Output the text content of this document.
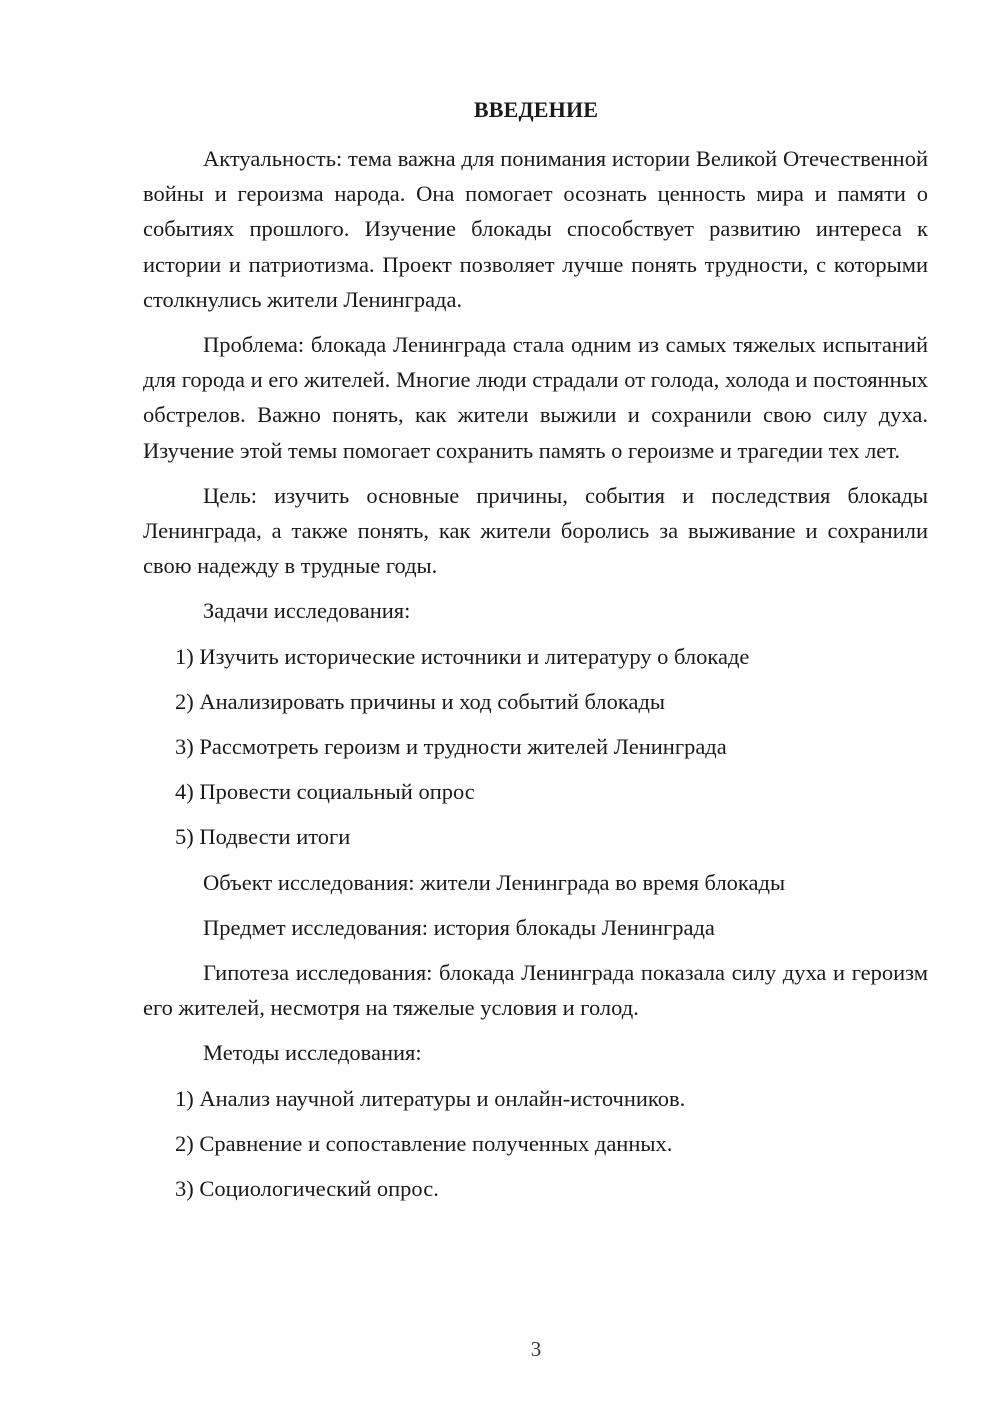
ВВЕДЕНИЕ

Актуальность: тема важна для понимания истории Великой Отечественной войны и героизма народа. Она помогает осознать ценность мира и памяти о событиях прошлого. Изучение блокады способствует развитию интереса к истории и патриотизма. Проект позволяет лучше понять трудности, с которыми столкнулись жители Ленинграда.

Проблема: блокада Ленинграда стала одним из самых тяжелых испытаний для города и его жителей. Многие люди страдали от голода, холода и постоянных обстрелов. Важно понять, как жители выжили и сохранили свою силу духа. Изучение этой темы помогает сохранить память о героизме и трагедии тех лет.

Цель: изучить основные причины, события и последствия блокады Ленинграда, а также понять, как жители боролись за выживание и сохранили свою надежду в трудные годы.

Задачи исследования:
1) Изучить исторические источники и литературу о блокаде
2) Анализировать причины и ход событий блокады
3) Рассмотреть героизм и трудности жителей Ленинграда
4) Провести социальный опрос
5) Подвести итоги
Объект исследования: жители Ленинграда во время блокады
Предмет исследования: история блокады Ленинграда

Гипотеза исследования: блокада Ленинграда показала силу духа и героизм его жителей, несмотря на тяжелые условия и голод.

Методы исследования:
1) Анализ научной литературы и онлайн-источников.
2) Сравнение и сопоставление полученных данных.
3) Социологический опрос.
3
